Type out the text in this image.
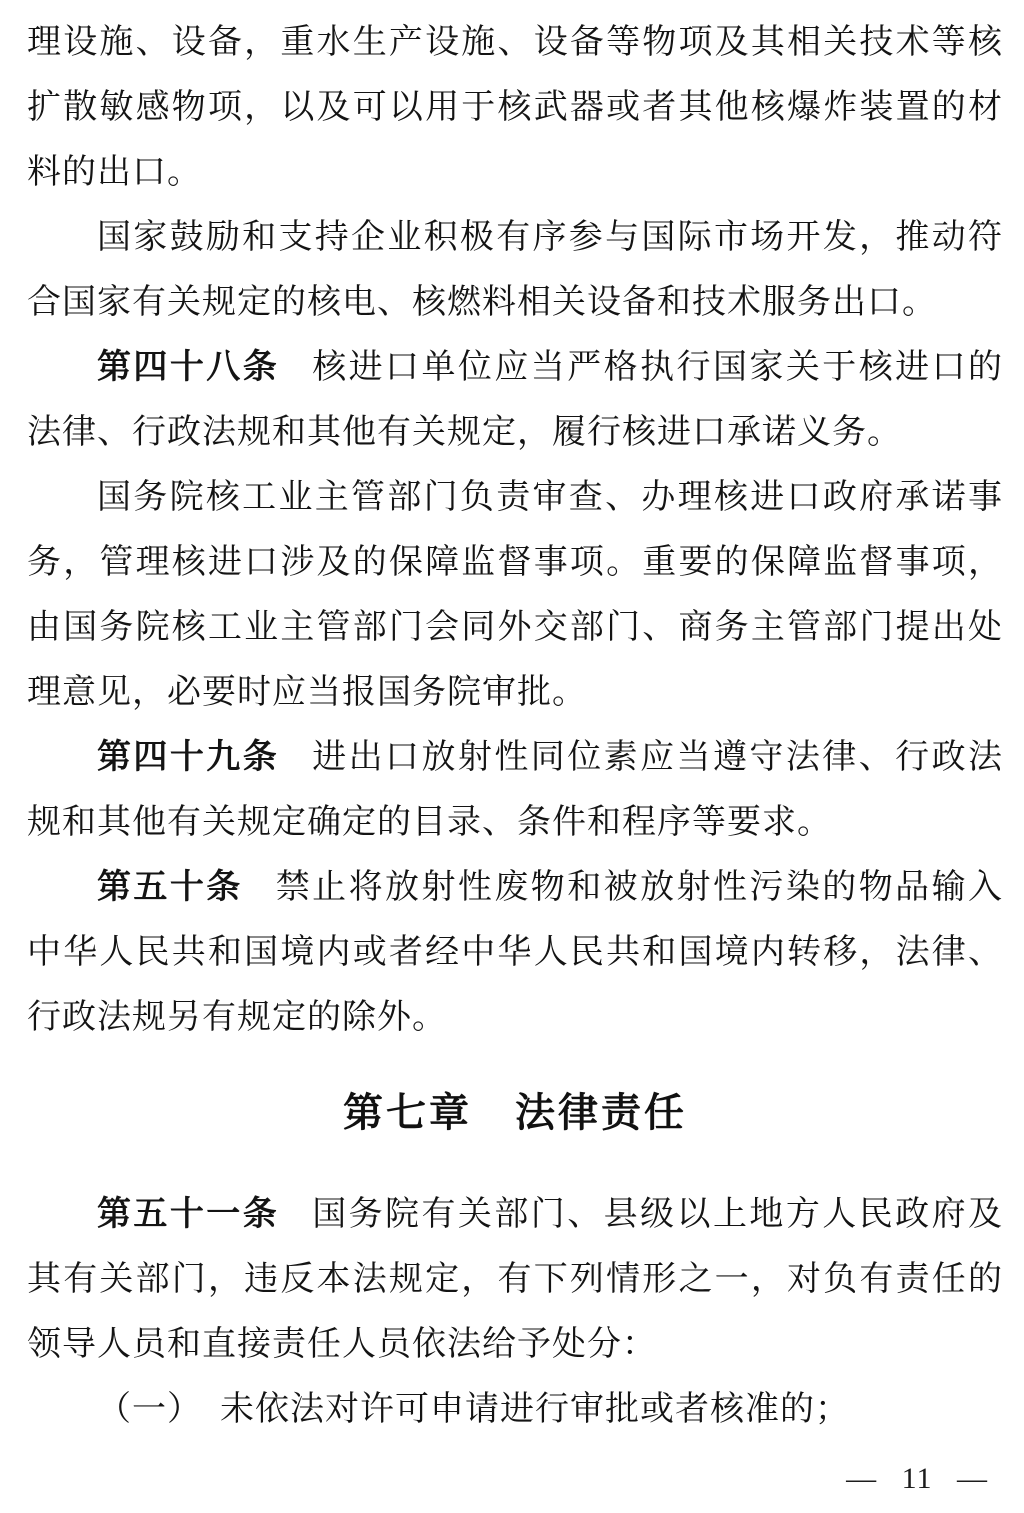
理设施、设备，重水生产设施、设备等物项及其相关技术等核扩散敏感物项，以及可以用于核武器或者其他核爆炸装置的材料的出口。

国家鼓励和支持企业积极有序参与国际市场开发，推动符合国家有关规定的核电、核燃料相关设备和技术服务出口。

第四十八条 核进口单位应当严格执行国家关于核进口的法律、行政法规和其他有关规定，履行核进口承诺义务。

国务院核工业主管部门负责审查、办理核进口政府承诺事务，管理核进口涉及的保障监督事项。重要的保障监督事项，由国务院核工业主管部门会同外交部门、商务主管部门提出处理意见，必要时应当报国务院审批。

第四十九条 进出口放射性同位素应当遵守法律、行政法规和其他有关规定确定的目录、条件和程序等要求。

第五十条 禁止将放射性废物和被放射性污染的物品输入中华人民共和国境内或者经中华人民共和国境内转移，法律、行政法规另有规定的除外。

第七章　法律责任

第五十一条 国务院有关部门、县级以上地方人民政府及其有关部门，违反本法规定，有下列情形之一，对负有责任的领导人员和直接责任人员依法给予处分：

（一）　未依法对许可申请进行审批或者核准的；

— 11 —
